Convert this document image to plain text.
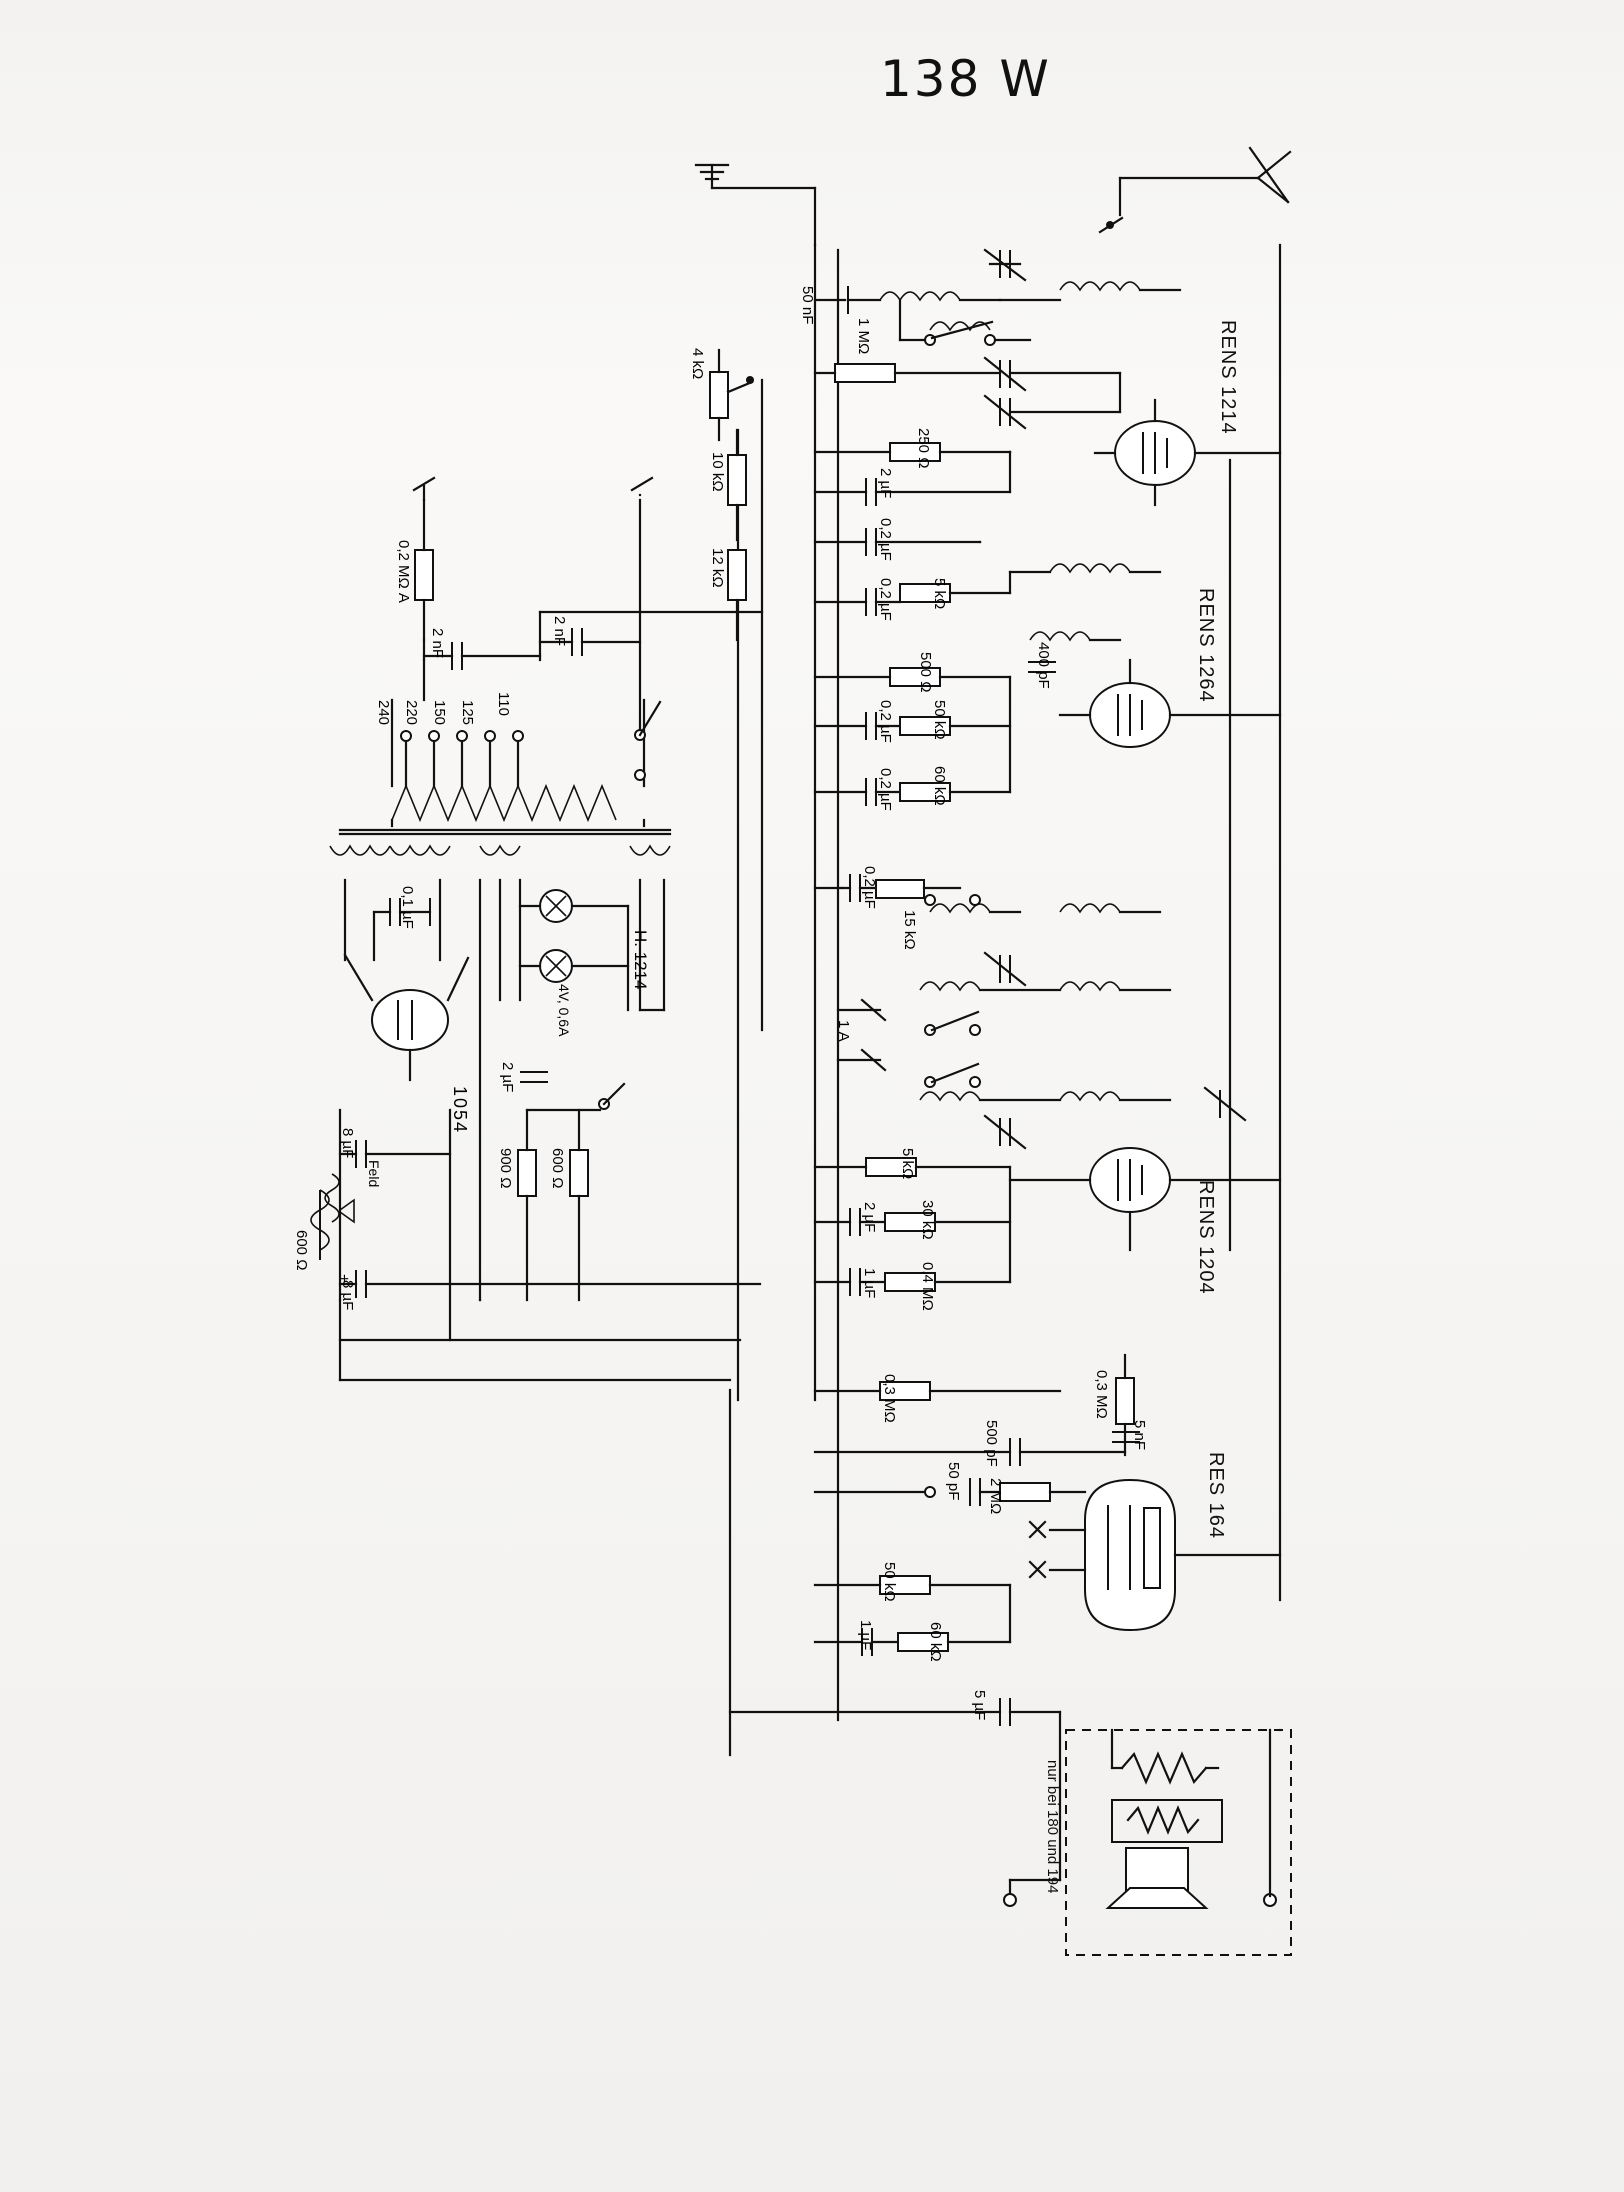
138 W
RENS 1214
RENS 1264
RENS 1204
RES 164
nur bei 180 und 194
50 nF
1 MΩ
4 kΩ
10 kΩ
12 kΩ
250 Ω
2 µF
0,2 µF
0,2 µF 5 kΩ
500 Ω	400 pF
0,2 µF 50 kΩ
0,2 µF 60 kΩ
0,2 µF
15 kΩ
1 A
5 kΩ
2 µF	30 kΩ
1 µF	0,4 MΩ
0,3 MΩ	0,3 MΩ
5 nF
500 pF
50 pF 2 MΩ
50 kΩ
1 µF	60 kΩ
5 µF
0,2 MΩ A
2 nF	2 nF
0,1 µF
2 µF
900 Ω 600 Ω
8 µF
600 Ω
8 µF
240 220 150 125 110
1054
H. 1214
4V, 0,6A
Feld
+
